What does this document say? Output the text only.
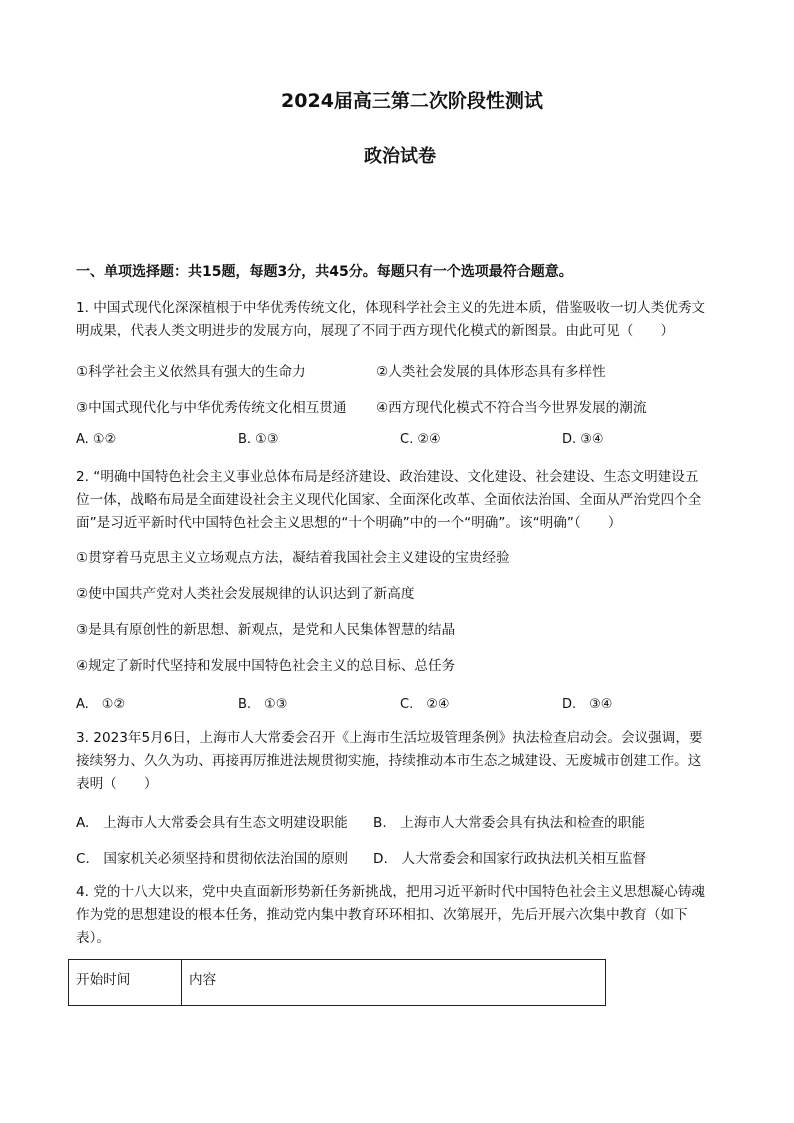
2024届高三第二次阶段性测试
政治试卷
一、单项选择题：共15题，每题3分，共45分。每题只有一个选项最符合题意。
1. 中国式现代化深深植根于中华优秀传统文化，体现科学社会主义的先进本质，借鉴吸收一切人类优秀文
明成果，代表人类文明进步的发展方向，展现了不同于西方现代化模式的新图景。由此可见（　　）
①科学社会主义依然具有强大的生命力	②人类社会发展的具体形态具有多样性
③中国式现代化与中华优秀传统文化相互贯通 ④西方现代化模式不符合当今世界发展的潮流
A. ①②	B. ①③	C. ②④	D. ③④
2. “明确中国特色社会主义事业总体布局是经济建设、政治建设、文化建设、社会建设、生态文明建设五
位一体，战略布局是全面建设社会主义现代化国家、全面深化改革、全面依法治国、全面从严治党四个全
面”是习近平新时代中国特色社会主义思想的“十个明确”中的一个“明确”。该“明确”（　　）
①贯穿着马克思主义立场观点方法，凝结着我国社会主义建设的宝贵经验
②使中国共产党对人类社会发展规律的认识达到了新高度
③是具有原创性的新思想、新观点，是党和人民集体智慧的结晶
④规定了新时代坚持和发展中国特色社会主义的总目标、总任务
A.　①②	B.　①③	C.　②④	D.　③④
3. 2023年5月6日，上海市人大常委会召开《上海市生活垃圾管理条例》执法检查启动会。会议强调，要
接续努力、久久为功、再接再厉推进法规贯彻实施，持续推动本市生态之城建设、无废城市创建工作。这
表明（　　）
A.　上海市人大常委会具有生态文明建设职能 B.　上海市人大常委会具有执法和检查的职能
C.　国家机关必须坚持和贯彻依法治国的原则 D.　人大常委会和国家行政执法机关相互监督
4. 党的十八大以来，党中央直面新形势新任务新挑战，把用习近平新时代中国特色社会主义思想凝心铸魂
作为党的思想建设的根本任务，推动党内集中教育环环相扣、次第展开，先后开展六次集中教育（如下
表）。
开始时间	内容
